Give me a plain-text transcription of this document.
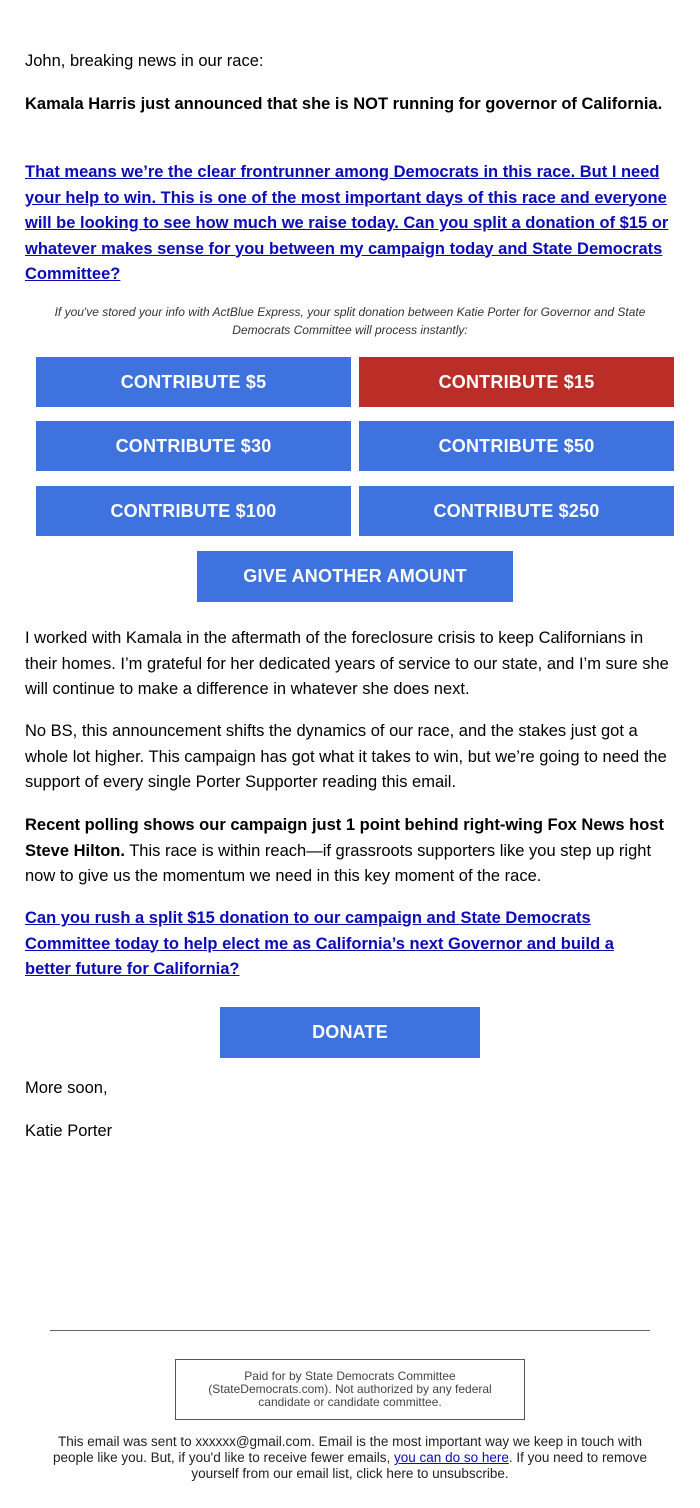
John, breaking news in our race:

Kamala Harris just announced that she is NOT running for governor of California.

That means we’re the clear frontrunner among Democrats in this race. But I need your help to win. This is one of the most important days of this race and everyone will be looking to see how much we raise today. Can you split a donation of $15 or whatever makes sense for you between my campaign today and State Democrats Committee?

If you've stored your info with ActBlue Express, your split donation between Katie Porter for Governor and State Democrats Committee will process instantly:
CONTRIBUTE $5	CONTRIBUTE $15
CONTRIBUTE $30	CONTRIBUTE $50
CONTRIBUTE $100	CONTRIBUTE $250
GIVE ANOTHER AMOUNT

I worked with Kamala in the aftermath of the foreclosure crisis to keep Californians in their homes. I’m grateful for her dedicated years of service to our state, and I’m sure she will continue to make a difference in whatever she does next.

No BS, this announcement shifts the dynamics of our race, and the stakes just got a whole lot higher. This campaign has got what it takes to win, but we’re going to need the support of every single Porter Supporter reading this email.

Recent polling shows our campaign just 1 point behind right-wing Fox News host Steve Hilton. This race is within reach—if grassroots supporters like you step up right now to give us the momentum we need in this key moment of the race.

Can you rush a split $15 donation to our campaign and State Democrats Committee today to help elect me as California’s next Governor and build a better future for California?

DONATE

More soon,

Katie Porter

Paid for by State Democrats Committee (StateDemocrats.com). Not authorized by any federal candidate or candidate committee.
This email was sent to xxxxxx@gmail.com. Email is the most important way we keep in touch with people like you. But, if you'd like to receive fewer emails, you can do so here. If you need to remove yourself from our email list, click here to unsubscribe.
